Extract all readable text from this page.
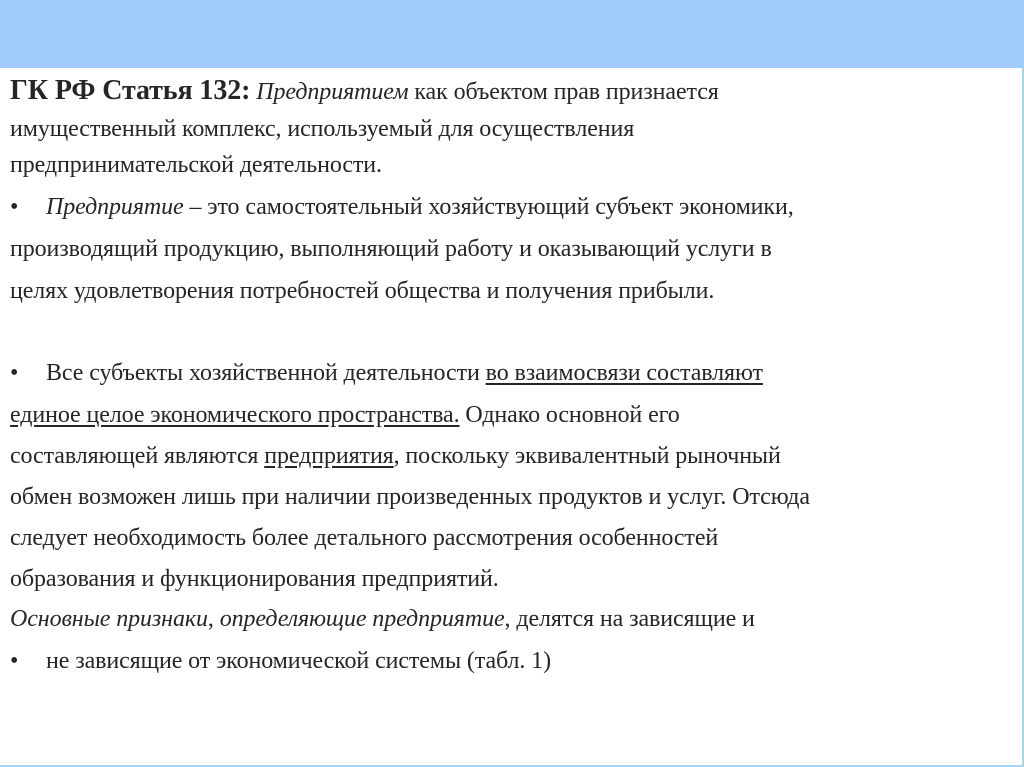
ГК РФ Статья 132: Предприятием как объектом прав признается
имущественный комплекс, используемый для осуществления
предпринимательской деятельности.
• Предприятие – это самостоятельный хозяйствующий субъект экономики,
производящий продукцию, выполняющий работу и оказывающий услуги в
целях удовлетворения потребностей общества и получения прибыли.
• Все субъекты хозяйственной деятельности во взаимосвязи составляют
единое целое экономического пространства. Однако основной его
составляющей являются предприятия, поскольку эквивалентный рыночный
обмен возможен лишь при наличии произведенных продуктов и услуг. Отсюда
следует необходимость более детального рассмотрения особенностей
образования и функционирования предприятий.
Основные признаки, определяющие предприятие, делятся на зависящие и
• не зависящие от экономической системы (табл. 1)
